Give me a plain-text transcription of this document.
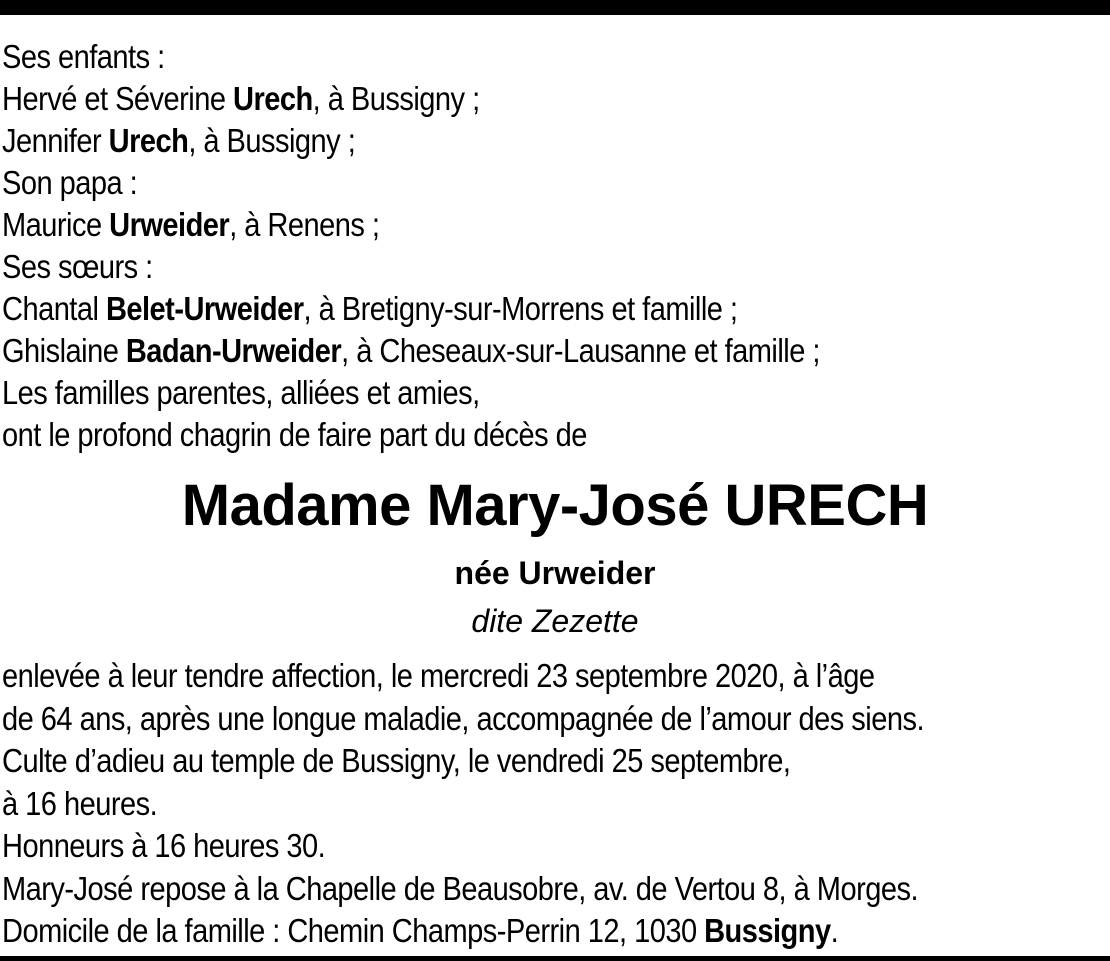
Ses enfants :
Hervé et Séverine Urech, à Bussigny ;
Jennifer Urech, à Bussigny ;
Son papa :
Maurice Urweider, à Renens ;
Ses sœurs :
Chantal Belet-Urweider, à Bretigny-sur-Morrens et famille ;
Ghislaine Badan-Urweider, à Cheseaux-sur-Lausanne et famille ;
Les familles parentes, alliées et amies,
ont le profond chagrin de faire part du décès de
Madame Mary-José URECH
née Urweider
dite Zezette
enlevée à leur tendre affection, le mercredi 23 septembre 2020, à l’âge
de 64 ans, après une longue maladie, accompagnée de l’amour des siens.
Culte d’adieu au temple de Bussigny, le vendredi 25 septembre,
à 16 heures.
Honneurs à 16 heures 30.
Mary-José repose à la Chapelle de Beausobre, av. de Vertou 8, à Morges.
Domicile de la famille : Chemin Champs-Perrin 12, 1030 Bussigny.
